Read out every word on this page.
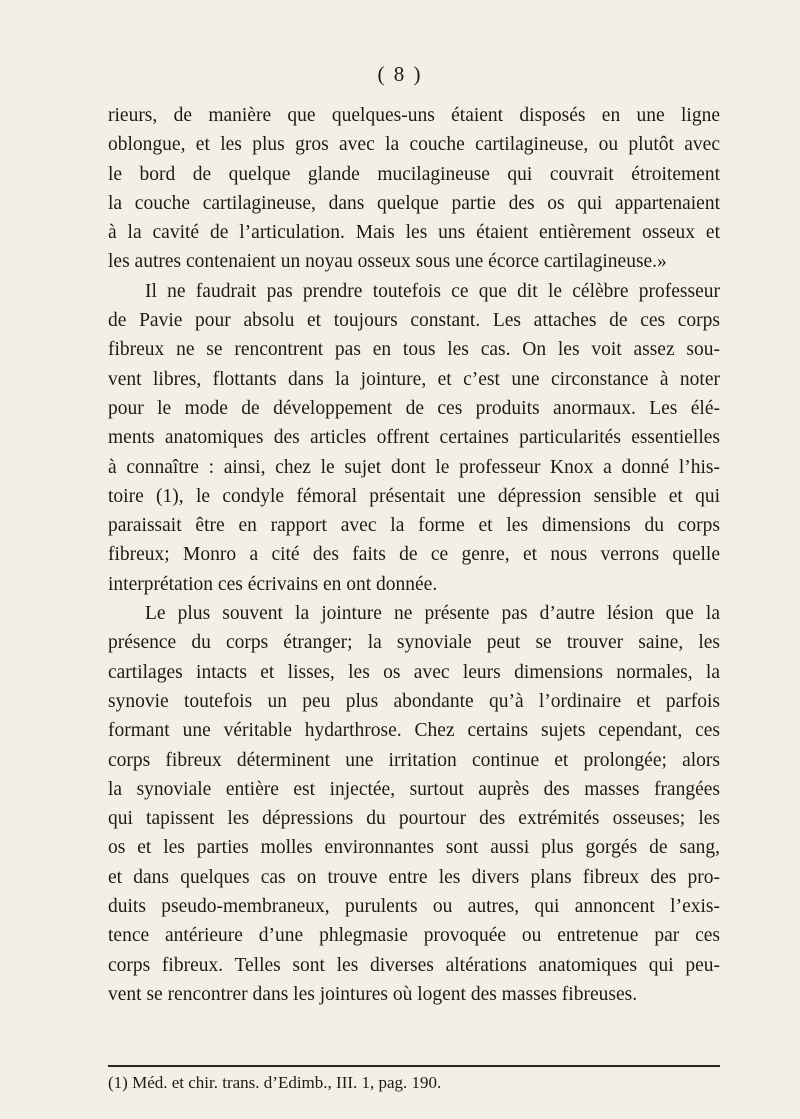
( 8 )
rieurs, de manière que quelques-uns étaient disposés en une ligne
oblongue, et les plus gros avec la couche cartilagineuse, ou plutôt avec
le bord de quelque glande mucilagineuse qui couvrait étroitement
la couche cartilagineuse, dans quelque partie des os qui appartenaient
à la cavité de l’articulation. Mais les uns étaient entièrement osseux et
les autres contenaient un noyau osseux sous une écorce cartilagineuse.»
Il ne faudrait pas prendre toutefois ce que dit le célèbre professeur
de Pavie pour absolu et toujours constant. Les attaches de ces corps
fibreux ne se rencontrent pas en tous les cas. On les voit assez sou-
vent libres, flottants dans la jointure, et c’est une circonstance à noter
pour le mode de développement de ces produits anormaux. Les élé-
ments anatomiques des articles offrent certaines particularités essentielles
à connaître : ainsi, chez le sujet dont le professeur Knox a donné l’his-
toire (1), le condyle fémoral présentait une dépression sensible et qui
paraissait être en rapport avec la forme et les dimensions du corps
fibreux; Monro a cité des faits de ce genre, et nous verrons quelle
interprétation ces écrivains en ont donnée.
Le plus souvent la jointure ne présente pas d’autre lésion que la
présence du corps étranger; la synoviale peut se trouver saine, les
cartilages intacts et lisses, les os avec leurs dimensions normales, la
synovie toutefois un peu plus abondante qu’à l’ordinaire et parfois
formant une véritable hydarthrose. Chez certains sujets cependant, ces
corps fibreux déterminent une irritation continue et prolongée; alors
la synoviale entière est injectée, surtout auprès des masses frangées
qui tapissent les dépressions du pourtour des extrémités osseuses; les
os et les parties molles environnantes sont aussi plus gorgés de sang,
et dans quelques cas on trouve entre les divers plans fibreux des pro-
duits pseudo-membraneux, purulents ou autres, qui annoncent l’exis-
tence antérieure d’une phlegmasie provoquée ou entretenue par ces
corps fibreux. Telles sont les diverses altérations anatomiques qui peu-
vent se rencontrer dans les jointures où logent des masses fibreuses.
(1) Méd. et chir. trans. d’Edimb., III. 1, pag. 190.
